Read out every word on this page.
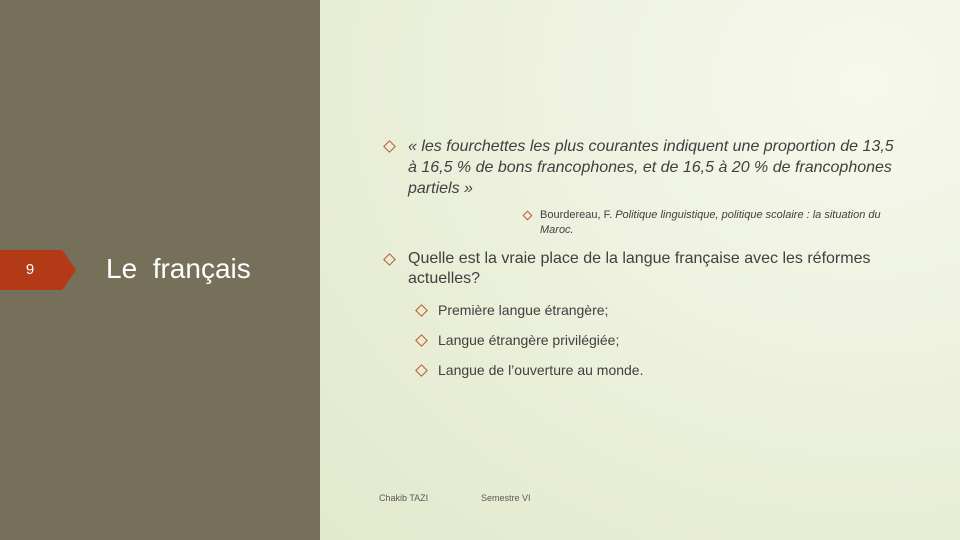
9	Le  français
« les fourchettes les plus courantes indiquent une proportion de 13,5 à 16,5 % de bons francophones, et de 16,5 à 20 % de francophones partiels »
Bourdereau, F. Politique linguistique, politique scolaire : la situation du Maroc.
Quelle est la vraie place de la langue française avec les réformes actuelles?
Première langue étrangère;
Langue étrangère privilégiée;
Langue de l’ouverture au monde.
Chakib TAZI	Semestre VI
